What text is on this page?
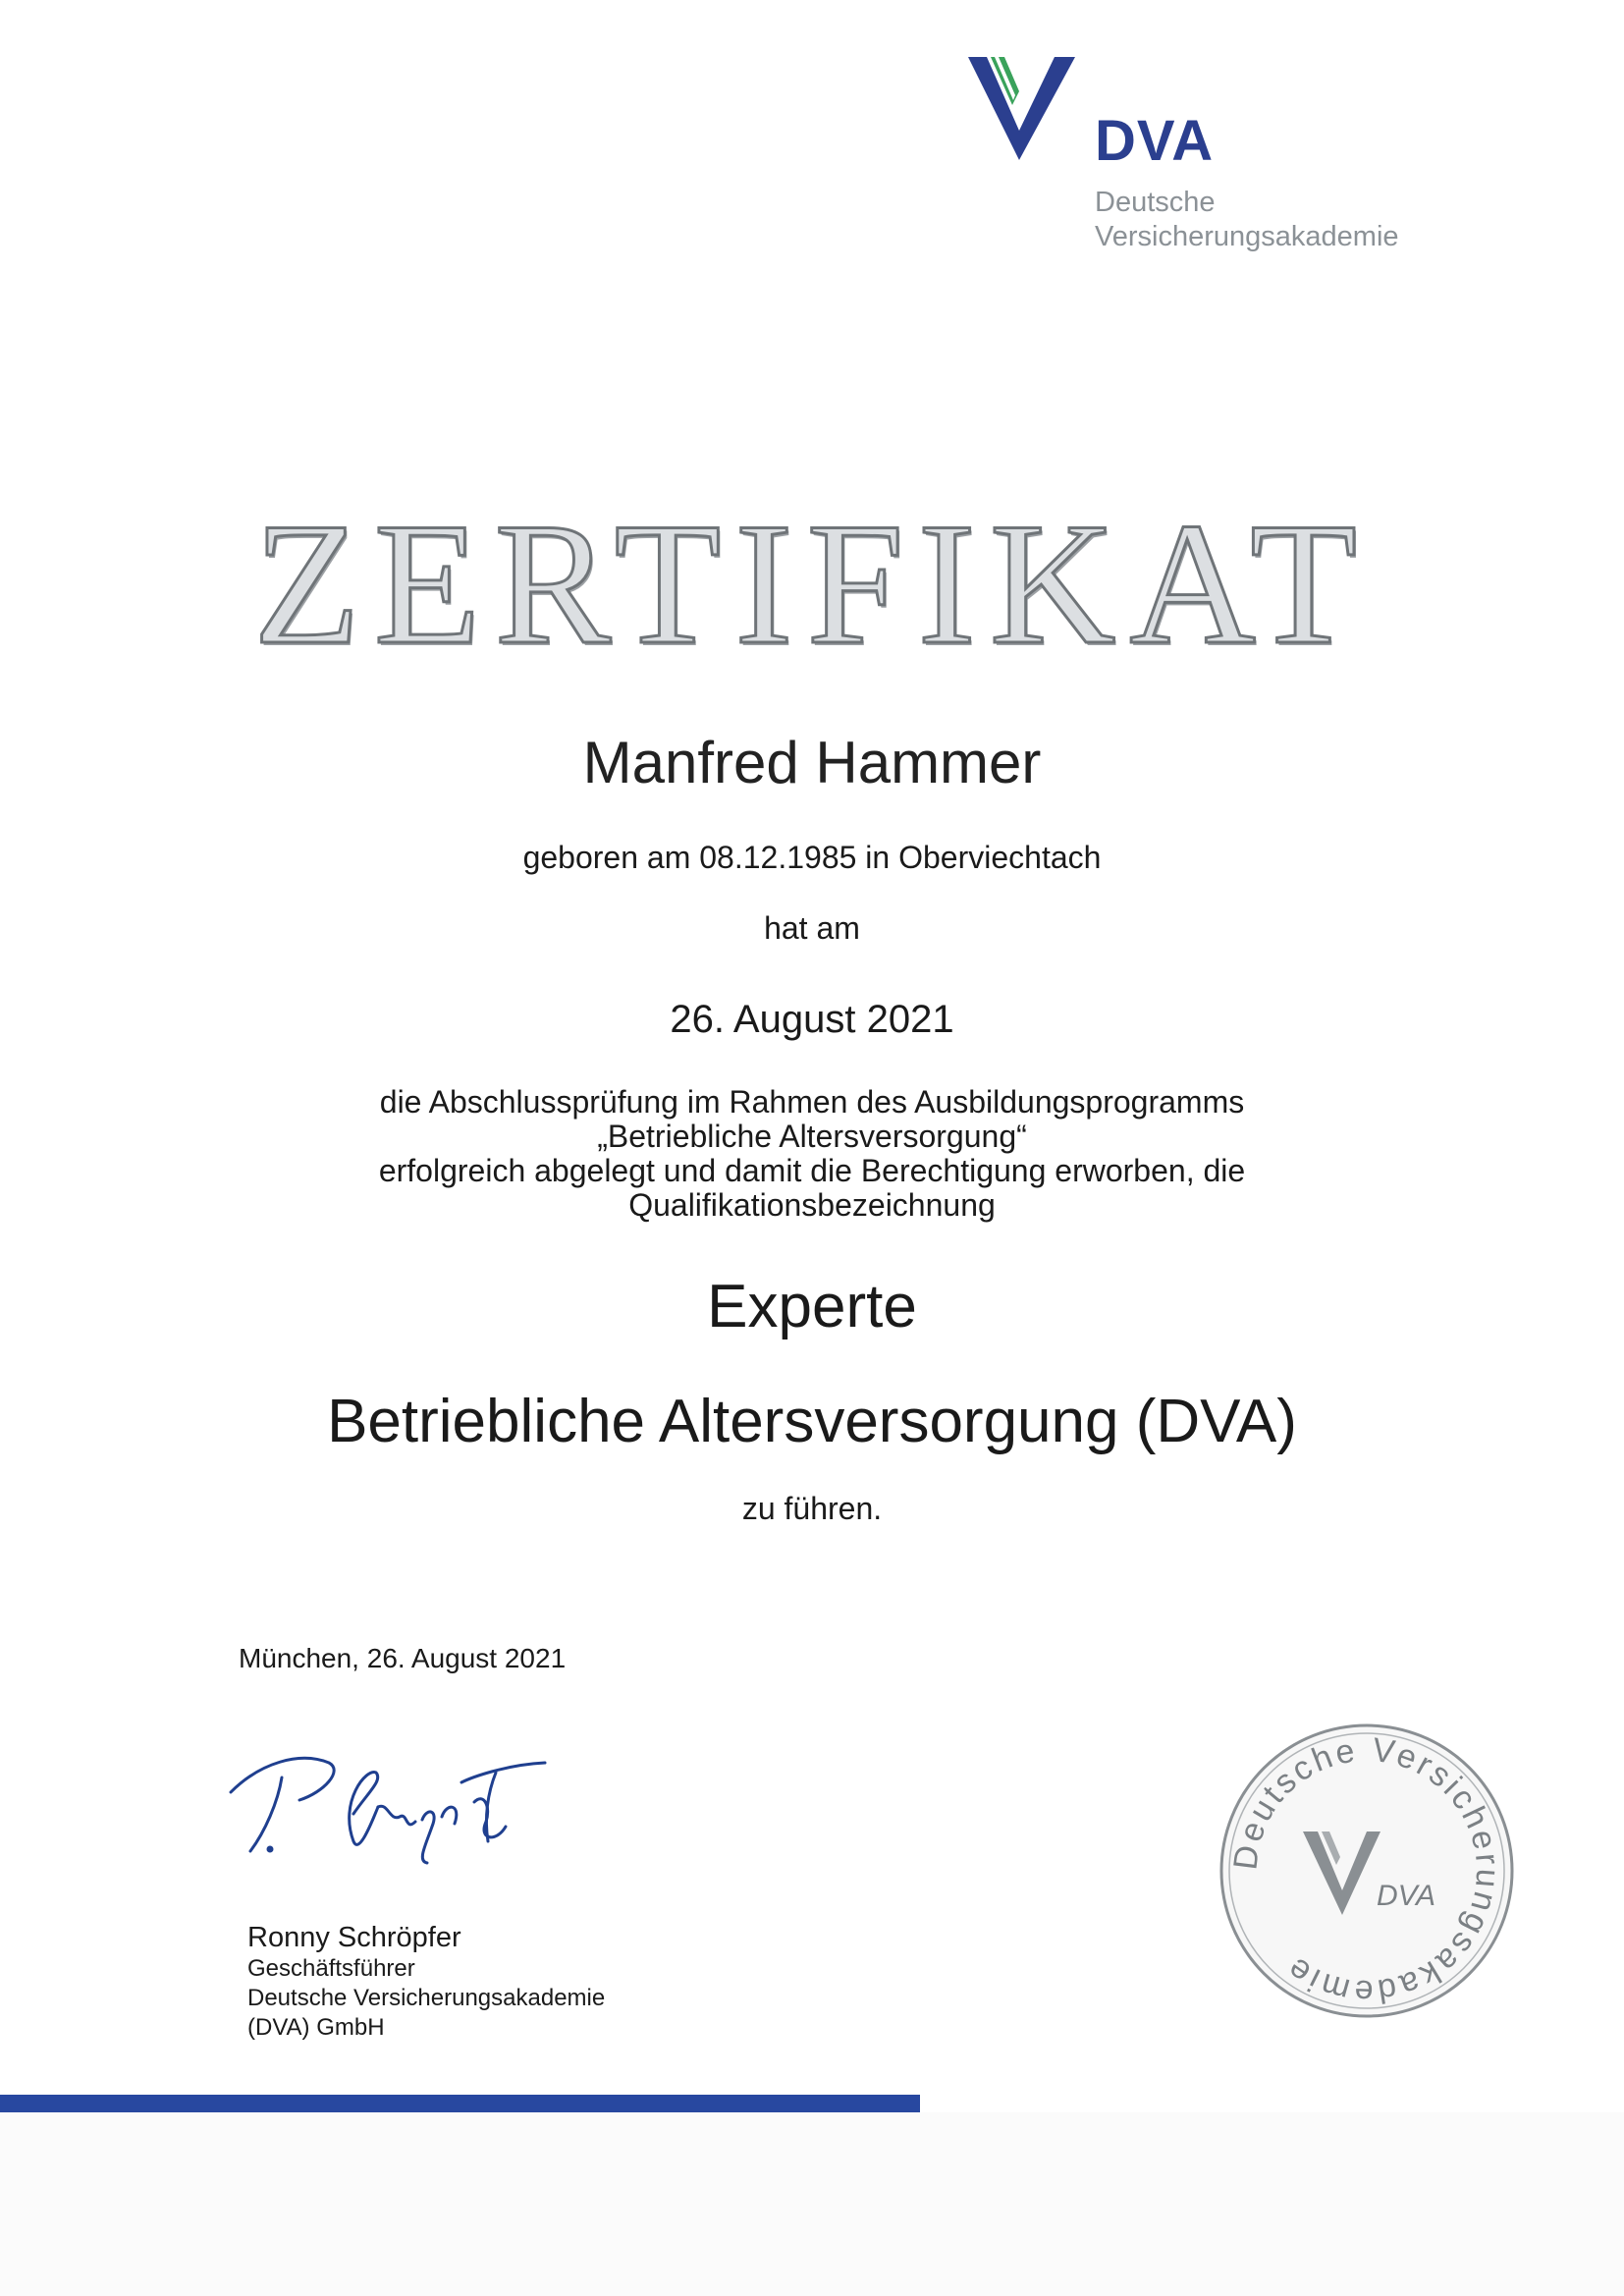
DVA
Deutsche
Versicherungsakademie
ZERTIFIKAT
Manfred Hammer
geboren am 08.12.1985 in Oberviechtach
hat am
26. August 2021
die Abschlussprüfung im Rahmen des Ausbildungsprogramms
„Betriebliche Altersversorgung“
erfolgreich abgelegt und damit die Berechtigung erworben, die
Qualifikationsbezeichnung
Experte
Betriebliche Altersversorgung (DVA)
zu führen.
München, 26. August 2021
Ronny Schröpfer
Geschäftsführer
Deutsche Versicherungsakademie
(DVA) GmbH
Deutsche Versicherungsakademie
DVA
